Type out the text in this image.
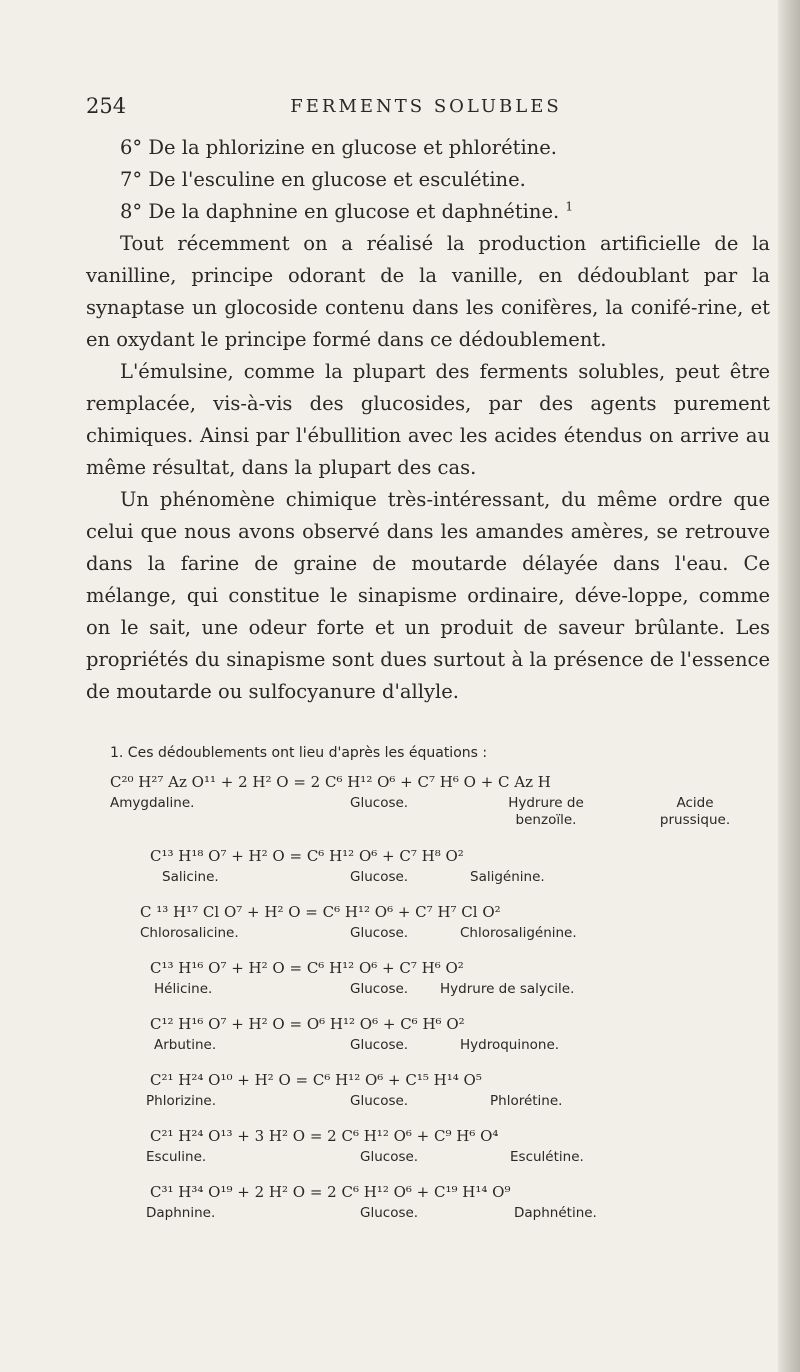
254	FERMENTS SOLUBLES

6° De la phlorizine en glucose et phlorétine.

7° De l'esculine en glucose et esculétine.

8° De la daphnine en glucose et daphnétine. $^1$

Tout récemment on a réalisé la production artificielle de la vanilline, principe odorant de la vanille, en dédoublant par la synaptase un glocoside contenu dans les conifères, la conifé-rine, et en oxydant le principe formé dans ce dédoublement.

L'émulsine, comme la plupart des ferments solubles, peut être remplacée, vis-à-vis des glucosides, par des agents purement chimiques. Ainsi par l'ébullition avec les acides étendus on arrive au même résultat, dans la plupart des cas.

Un phénomène chimique très-intéressant, du même ordre que celui que nous avons observé dans les amandes amères, se retrouve dans la farine de graine de moutarde délayée dans l'eau. Ce mélange, qui constitue le sinapisme ordinaire, déve-loppe, comme on le sait, une odeur forte et un produit de saveur brûlante. Les propriétés du sinapisme sont dues surtout à la présence de l'essence de moutarde ou sulfocyanure d'allyle.

1. Ces dédoublements ont lieu d'après les équations :

C²⁰ H²⁷ Az O¹¹ + 2 H² O = 2 C⁶ H¹² O⁶ + C⁷ H⁶ O + C Az H
Amygdaline.	Glucose.	Hydrure de benzoïle.
Acide prussique.
C¹³ H¹⁸ O⁷ + H² O = C⁶ H¹² O⁶ + C⁷ H⁸ O²
Salicine.	Glucose.	Saligénine.
C ¹³ H¹⁷ Cl O⁷ + H² O = C⁶ H¹² O⁶ + C⁷ H⁷ Cl O²
Chlorosalicine.	Glucose.	Chlorosaligénine.
C¹³ H¹⁶ O⁷ + H² O = C⁶ H¹² O⁶ + C⁷ H⁶ O²
Hélicine.	Glucose. Hydrure de salycile.
C¹² H¹⁶ O⁷ + H² O = O⁶ H¹² O⁶ + C⁶ H⁶ O²
Arbutine.	Glucose.	Hydroquinone.
C²¹ H²⁴ O¹⁰ + H² O = C⁶ H¹² O⁶ + C¹⁵ H¹⁴ O⁵
Phlorizine.	Glucose.	Phlorétine.
C²¹ H²⁴ O¹³ + 3 H² O = 2 C⁶ H¹² O⁶ + C⁹ H⁶ O⁴
Esculine.	Glucose.	Esculétine.
C³¹ H³⁴ O¹⁹ + 2 H² O = 2 C⁶ H¹² O⁶ + C¹⁹ H¹⁴ O⁹
Daphnine.	Glucose.	Daphnétine.
